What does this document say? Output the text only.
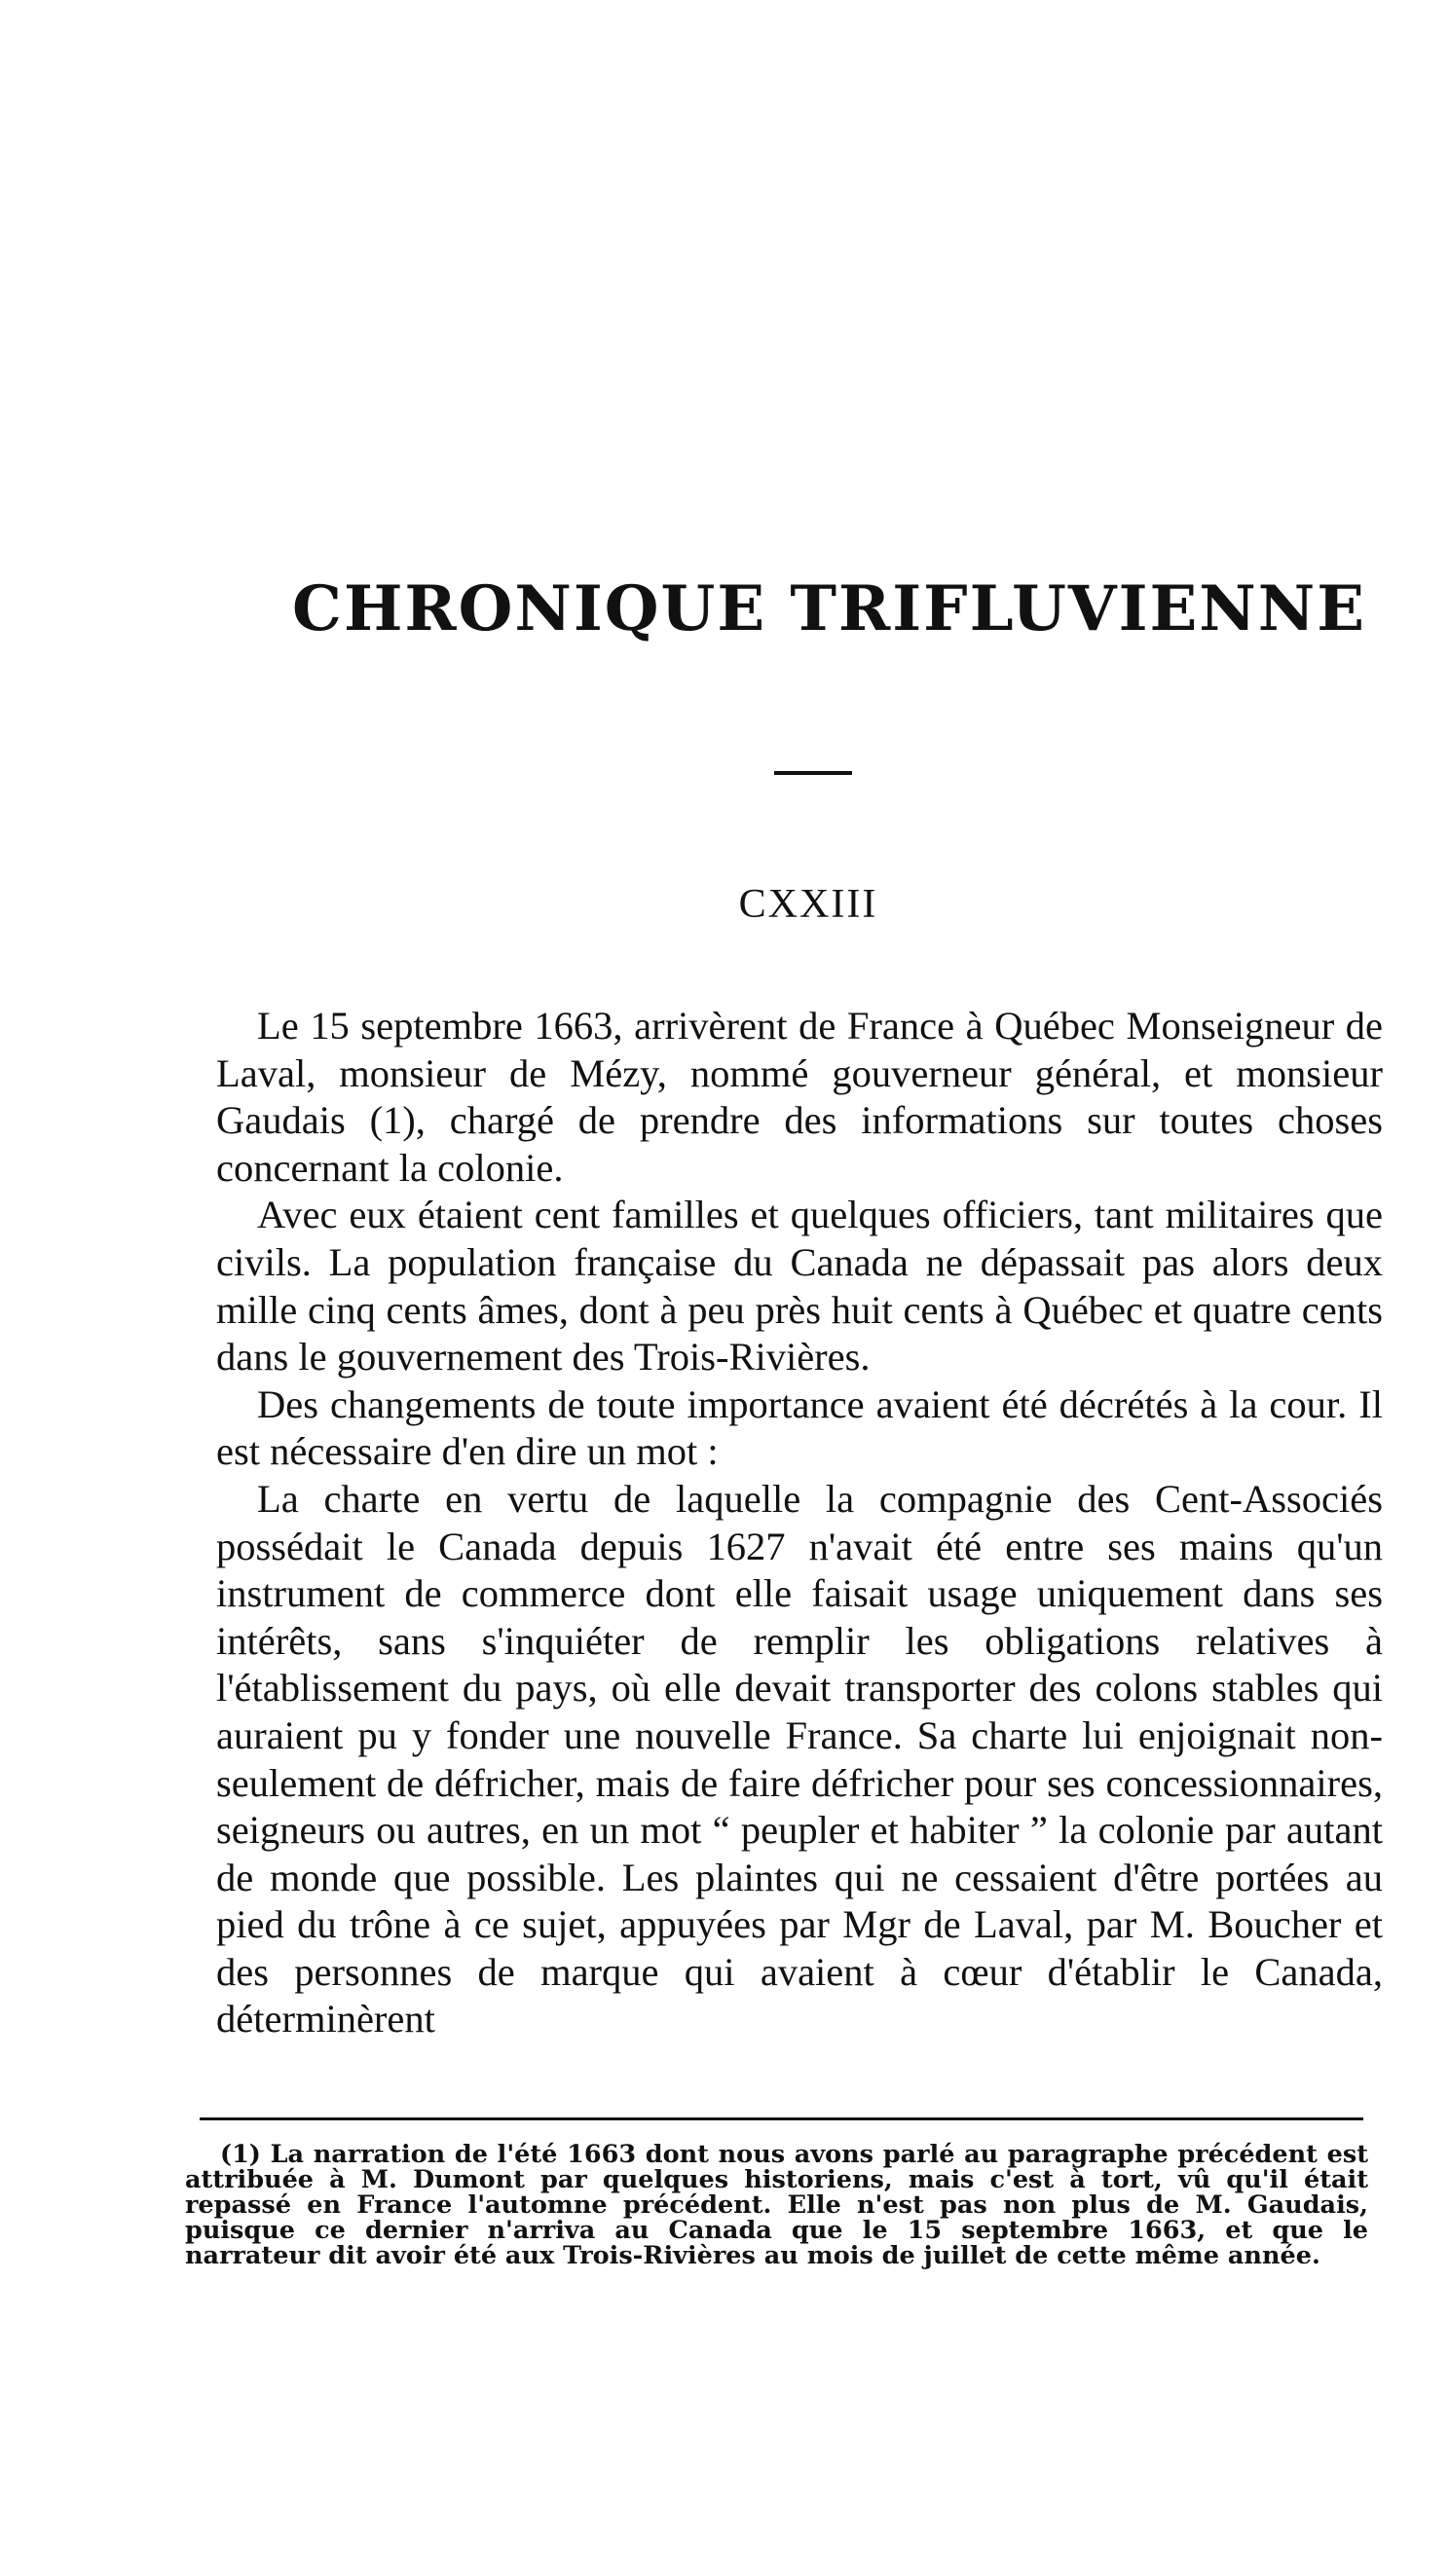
CHRONIQUE TRIFLUVIENNE
CXXIII

Le 15 septembre 1663, arrivèrent de France à Québec Monseigneur de Laval, monsieur de Mézy, nommé gouverneur général, et monsieur Gaudais (1), chargé de prendre des informations sur toutes choses concernant la colonie.

Avec eux étaient cent familles et quelques officiers, tant militaires que civils. La population française du Canada ne dépassait pas alors deux mille cinq cents âmes, dont à peu près huit cents à Québec et quatre cents dans le gouvernement des Trois-Rivières.

Des changements de toute importance avaient été décrétés à la cour. Il est nécessaire d'en dire un mot :

La charte en vertu de laquelle la compagnie des Cent-Associés possédait le Canada depuis 1627 n'avait été entre ses mains qu'un instrument de commerce dont elle faisait usage uniquement dans ses intérêts, sans s'inquiéter de remplir les obligations relatives à l'établissement du pays, où elle devait transporter des colons stables qui auraient pu y fonder une nouvelle France. Sa charte lui enjoignait non-seulement de défricher, mais de faire défricher pour ses concessionnaires, seigneurs ou autres, en un mot “ peupler et habiter ” la colonie par autant de monde que possible. Les plaintes qui ne cessaient d'être portées au pied du trône à ce sujet, appuyées par Mgr de Laval, par M. Boucher et des personnes de marque qui avaient à cœur d'établir le Canada, déterminèrent

(1) La narration de l'été 1663 dont nous avons parlé au paragraphe précédent est attribuée à M. Dumont par quelques historiens, mais c'est à tort, vû qu'il était repassé en France l'automne précédent. Elle n'est pas non plus de M. Gaudais, puisque ce dernier n'arriva au Canada que le 15 septembre 1663, et que le narrateur dit avoir été aux Trois-Rivières au mois de juillet de cette même année.
